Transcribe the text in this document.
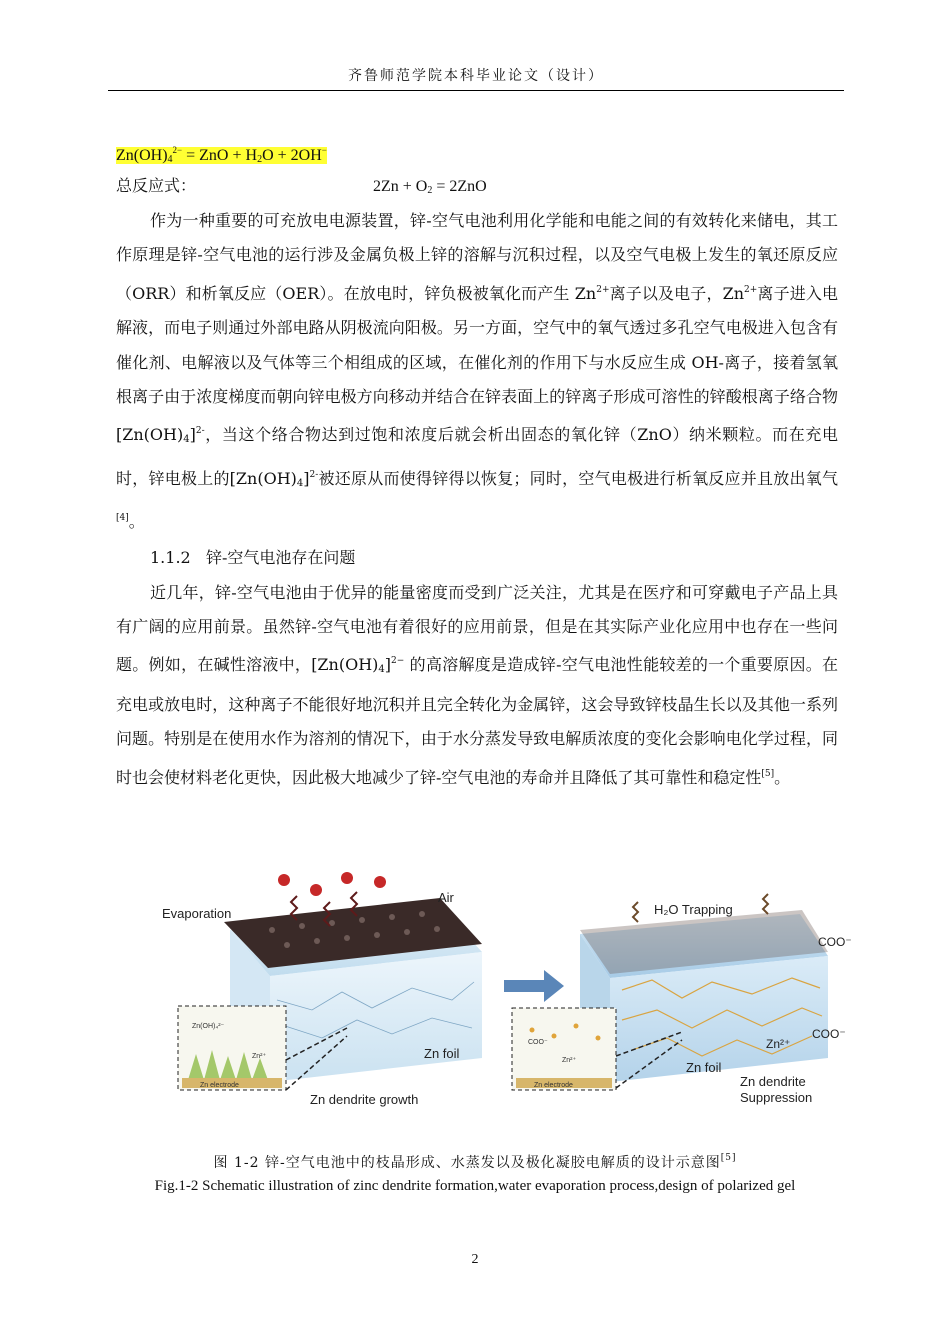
齐鲁师范学院本科毕业论文（设计）
$Zn(OH)_4^{2-}$ = ZnO + $H_2O + 2OH^-$
总反应式：	$2Zn + O_2 = 2ZnO$

作为一种重要的可充放电电源装置，锌-空气电池利用化学能和电能之间的有效转化来储电，其工作原理是锌-空气电池的运行涉及金属负极上锌的溶解与沉积过程，以及空气电极上发生的氧还原反应（ORR）和析氧反应（OER）。在放电时，锌负极被氧化而产生 $Zn^{2+}$离子以及电子，$Zn^{2+}$离子进入电解液，而电子则通过外部电路从阴极流向阳极。另一方面，空气中的氧气透过多孔空气电极进入包含有催化剂、电解液以及气体等三个相组成的区域，在催化剂的作用下与水反应生成 OH-离子，接着氢氧根离子由于浓度梯度而朝向锌电极方向移动并结合在锌表面上的锌离子形成可溶性的锌酸根离子络合物$[Zn(OH)_4]^{2-}$，当这个络合物达到过饱和浓度后就会析出固态的氧化锌（ZnO）纳米颗粒。而在充电时，锌电极上的$[Zn(OH)_4]^{2-}$被还原从而使得锌得以恢复；同时，空气电极进行析氧反应并且放出氧气[4]。

1.1.2 锌-空气电池存在问题

近几年，锌-空气电池由于优异的能量密度而受到广泛关注，尤其是在医疗和可穿戴电子产品上具有广阔的应用前景。虽然锌-空气电池有着很好的应用前景，但是在其实际产业化应用中也存在一些问题。例如，在碱性溶液中，$[Zn(OH)_4]^{2-}$ 的高溶解度是造成锌-空气电池性能较差的一个重要原因。在充电或放电时，这种离子不能很好地沉积并且完全转化为金属锌，这会导致锌枝晶生长以及其他一系列问题。特别是在使用水作为溶剂的情况下，由于水分蒸发导致电解质浓度的变化会影响电化学过程，同时也会使材料老化更快，因此极大地减少了锌-空气电池的寿命并且降低了其可靠性和稳定性[5]。

Evaporation
Air
Zn(OH)₄²⁻
Zn²⁺
Zn electrode
Zn foil
Zn dendrite growth
H₂O Trapping
COO⁻
COO⁻
Zn²⁺
COO⁻
Zn²⁺
Zn electrode
Zn foil
Zn dendrite
Suppression
图 1-2 锌-空气电池中的枝晶形成、水蒸发以及极化凝胶电解质的设计示意图[5]
Fig.1-2 Schematic illustration of zinc dendrite formation,water evaporation process,design of polarized gel
2
